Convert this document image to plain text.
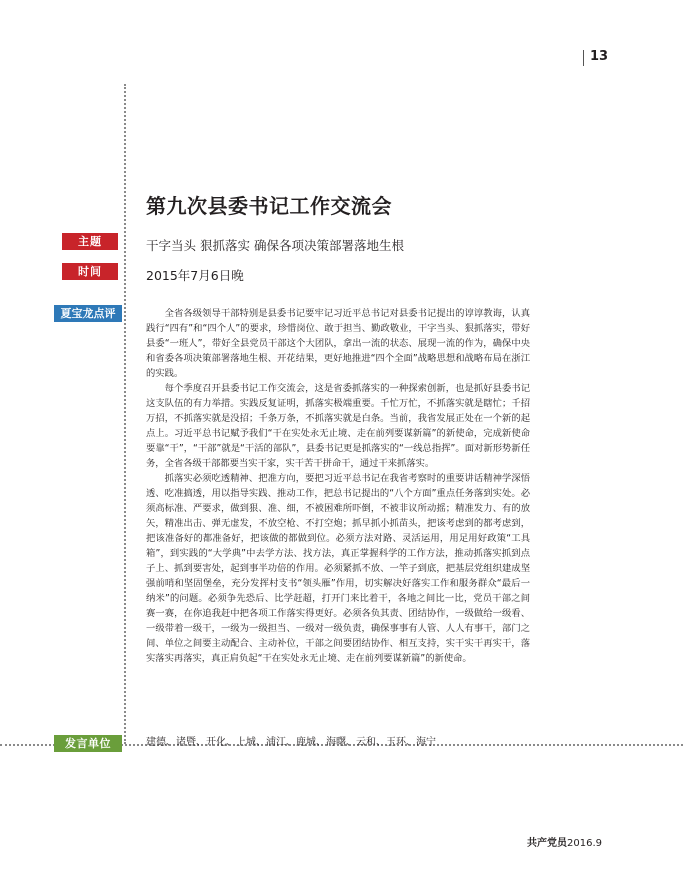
13
第九次县委书记工作交流会
主题	干字当头 狠抓落实 确保各项决策部署落地生根
时间	2015年7月6日晚
夏宝龙点评	全省各级领导干部特别是县委书记要牢记习近平总书记对县委书记提出的谆谆教诲，认真践行“四有”和“四个人”的要求，珍惜岗位、敢于担当、勤政敬业，干字当头、狠抓落实，带好县委“一班人”，带好全县党员干部这个大团队，拿出一流的状态、展现一流的作为，确保中央和省委各项决策部署落地生根、开花结果，更好地推进“四个全面”战略思想和战略布局在浙江的实践。

每个季度召开县委书记工作交流会，这是省委抓落实的一种探索创新，也是抓好县委书记这支队伍的有力举措。实践反复证明，抓落实极端重要。千忙万忙，不抓落实就是瞎忙；千招万招，不抓落实就是没招；千条万条，不抓落实就是白条。当前，我省发展正处在一个新的起点上。习近平总书记赋予我们“干在实处永无止境、走在前列要谋新篇”的新使命，完成新使命要靠“干”，“干部”就是“干活的部队”，县委书记更是抓落实的“一线总指挥”。面对新形势新任务，全省各级干部都要当实干家，实干苦干拼命干，通过干来抓落实。

抓落实必须吃透精神、把准方向，要把习近平总书记在我省考察时的重要讲话精神学深悟透、吃准搞透，用以指导实践、推动工作，把总书记提出的“八个方面”重点任务落到实处。必须高标准、严要求，做到狠、准、细，不被困难所吓倒，不被非议所动摇；精准发力、有的放矢，精准出击、弹无虚发，不放空枪、不打空炮；抓早抓小抓苗头，把该考虑到的都考虑到，把该准备好的都准备好，把该做的都做到位。必须方法对路、灵活运用，用足用好政策“工具箱”，到实践的“大学典”中去学方法、找方法，真正掌握科学的工作方法，推动抓落实抓到点子上、抓到要害处，起到事半功倍的作用。必须紧抓不放、一竿子到底，把基层党组织建成坚强前哨和坚固堡垒，充分发挥村支书“领头雁”作用，切实解决好落实工作和服务群众“最后一纳米”的问题。必须争先恐后、比学赶超，打开门来比着干，各地之间比一比，党员干部之间赛一赛，在你追我赶中把各项工作落实得更好。必须各负其责、团结协作，一级做给一级看、一级带着一级干，一级为一级担当、一级对一级负责，确保事事有人管、人人有事干，部门之间、单位之间要主动配合、主动补位，干部之间要团结协作、相互支持，实干实干再实干，落实落实再落实，真正肩负起“干在实处永无止境、走在前列要谋新篇”的新使命。

发言单位	建德、诸暨、开化、上城、浦江、鹿城、海曙、云和、玉环、海宁
共产党员2016.9
